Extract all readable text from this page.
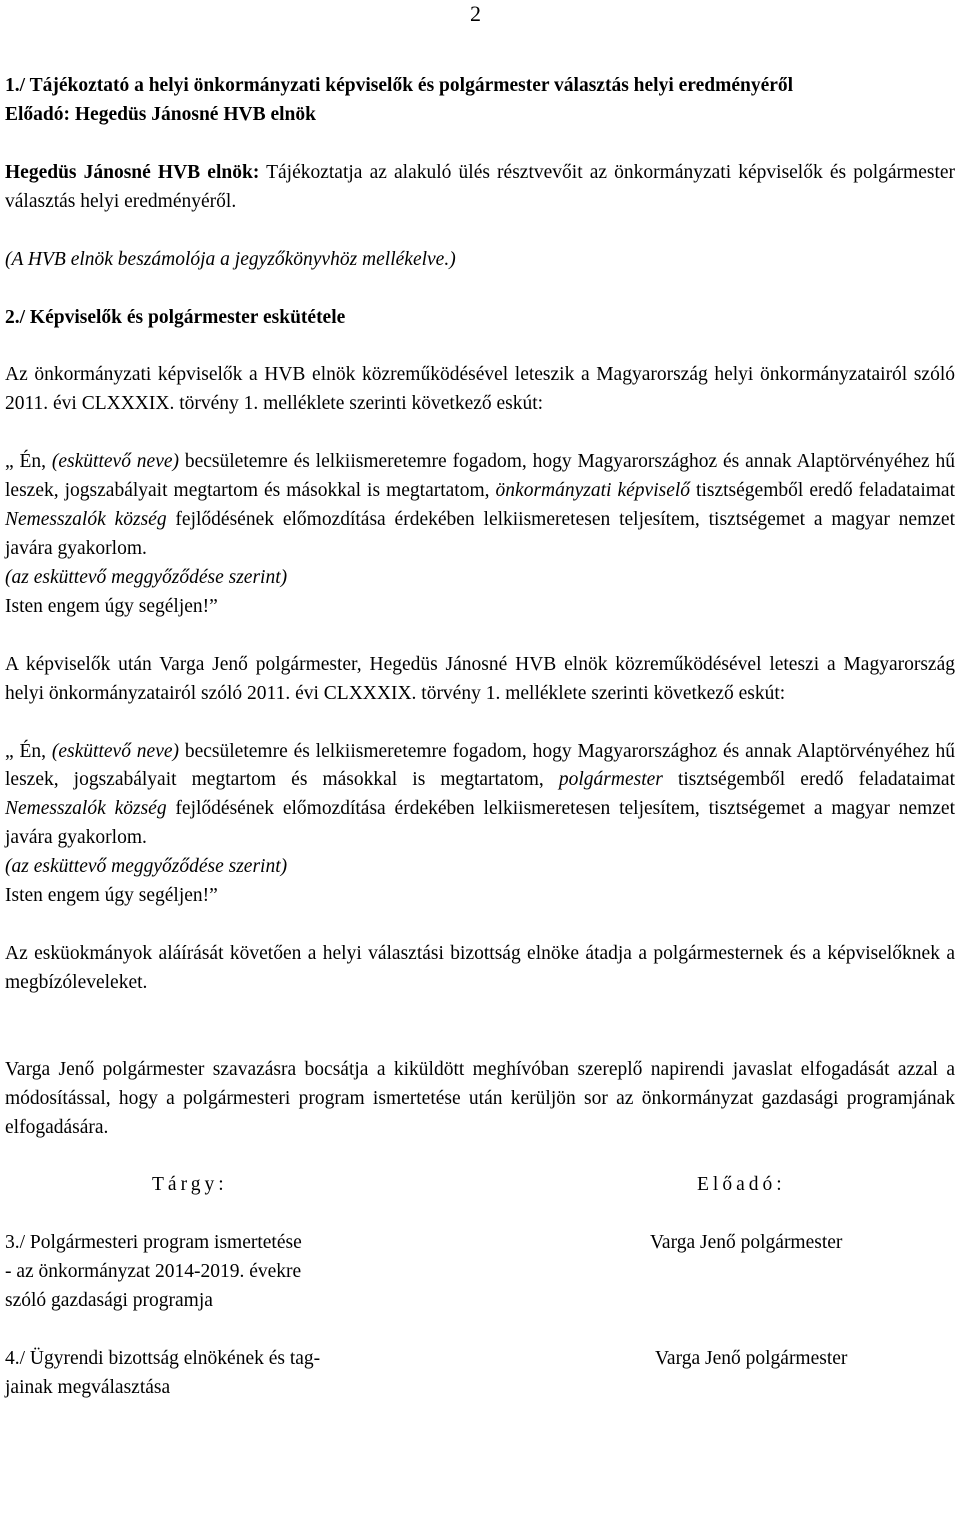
2

1./ Tájékoztató a helyi önkormányzati képviselők és polgármester választás helyi eredményéről

Előadó: Hegedüs Jánosné HVB elnök

Hegedüs Jánosné HVB elnök: Tájékoztatja az alakuló ülés résztvevőit az önkormányzati képviselők és polgármester választás helyi eredményéről.

(A HVB elnök beszámolója a jegyzőkönyvhöz mellékelve.)

2./ Képviselők és polgármester eskütétele

Az önkormányzati képviselők a HVB elnök közreműködésével leteszik a Magyarország helyi önkormányzatairól szóló 2011. évi CLXXXIX. törvény 1. melléklete szerinti következő eskút:

„ Én, (esküttevő neve) becsületemre és lelkiismeretemre fogadom, hogy Magyarországhoz és annak Alaptörvényéhez hű leszek, jogszabályait megtartom és másokkal is megtartatom, önkormányzati képviselő tisztségemből eredő feladataimat Nemesszalók község fejlődésének előmozdítása érdekében lelkiismeretesen teljesítem, tisztségemet a magyar nemzet javára gyakorlom.

(az esküttevő meggyőződése szerint)

Isten engem úgy segéljen!”

A képviselők után Varga Jenő polgármester, Hegedüs Jánosné HVB elnök közreműködésével leteszi a Magyarország helyi önkormányzatairól szóló 2011. évi CLXXXIX. törvény 1. melléklete szerinti következő eskút:

„ Én, (esküttevő neve) becsületemre és lelkiismeretemre fogadom, hogy Magyarországhoz és annak Alaptörvényéhez hű leszek, jogszabályait megtartom és másokkal is megtartatom, polgármester tisztségemből eredő feladataimat Nemesszalók község fejlődésének előmozdítása érdekében lelkiismeretesen teljesítem, tisztségemet a magyar nemzet javára gyakorlom.

(az esküttevő meggyőződése szerint)

Isten engem úgy segéljen!”

Az esküokmányok aláírását követően a helyi választási bizottság elnöke átadja a polgármesternek és a képviselőknek a megbízóleveleket.

Varga Jenő polgármester szavazásra bocsátja a kiküldött meghívóban szereplő napirendi javaslat elfogadását azzal a módosítással, hogy a polgármesteri program ismertetése után kerüljön sor az önkormányzat gazdasági programjának elfogadására.

Tárgy:	Előadó:
3./ Polgármesteri program ismertetése
- az önkormányzat 2014-2019. évekre
szóló gazdasági programja
Varga Jenő polgármester
4./ Ügyrendi bizottság elnökének és tag-
jainak megválasztása
Varga Jenő polgármester
